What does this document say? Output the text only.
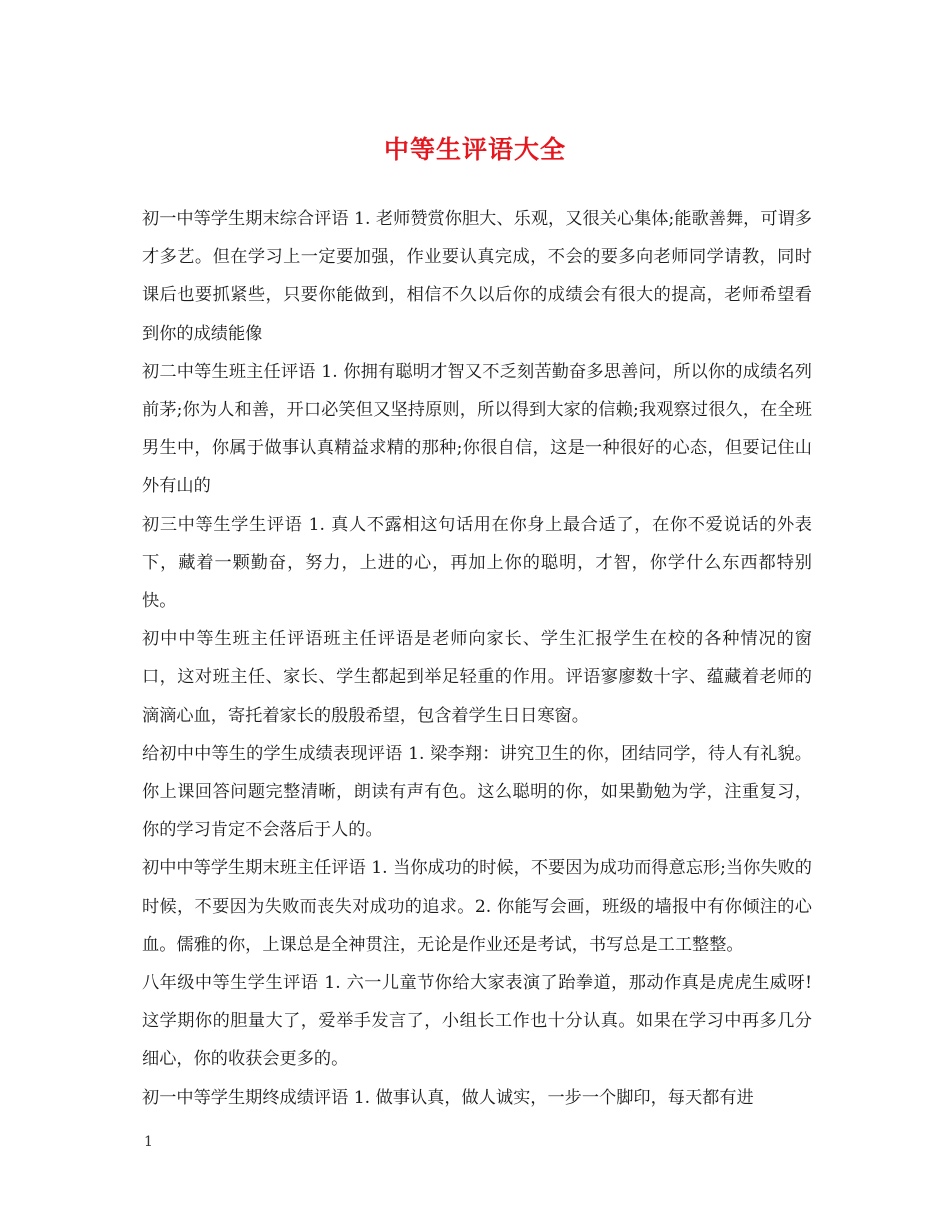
中等生评语大全

初一中等学生期末综合评语 1. 老师赞赏你胆大、乐观，又很关心集体;能歌善舞，可谓多才多艺。但在学习上一定要加强，作业要认真完成，不会的要多向老师同学请教，同时课后也要抓紧些，只要你能做到，相信不久以后你的成绩会有很大的提高，老师希望看到你的成绩能像

初二中等生班主任评语 1. 你拥有聪明才智又不乏刻苦勤奋多思善问，所以你的成绩名列前茅;你为人和善，开口必笑但又坚持原则，所以得到大家的信赖;我观察过很久，在全班男生中，你属于做事认真精益求精的那种;你很自信，这是一种很好的心态，但要记住山外有山的

初三中等生学生评语 1. 真人不露相这句话用在你身上最合适了，在你不爱说话的外表下，藏着一颗勤奋，努力，上进的心，再加上你的聪明，才智，你学什么东西都特别快。

初中中等生班主任评语班主任评语是老师向家长、学生汇报学生在校的各种情况的窗口，这对班主任、家长、学生都起到举足轻重的作用。评语寥廖数十字、蕴藏着老师的滴滴心血，寄托着家长的殷殷希望，包含着学生日日寒窗。

给初中中等生的学生成绩表现评语 1. 梁李翔：讲究卫生的你，团结同学，待人有礼貌。你上课回答问题完整清晰，朗读有声有色。这么聪明的你，如果勤勉为学，注重复习，你的学习肯定不会落后于人的。

初中中等学生期末班主任评语 1. 当你成功的时候，不要因为成功而得意忘形;当你失败的时候，不要因为失败而丧失对成功的追求。2. 你能写会画，班级的墙报中有你倾注的心血。儒雅的你，上课总是全神贯注，无论是作业还是考试，书写总是工工整整。

八年级中等生学生评语 1. 六一儿童节你给大家表演了跆拳道，那动作真是虎虎生威呀!这学期你的胆量大了，爱举手发言了，小组长工作也十分认真。如果在学习中再多几分细心，你的收获会更多的。

初一中等学生期终成绩评语 1. 做事认真，做人诚实，一步一个脚印，每天都有进

1
